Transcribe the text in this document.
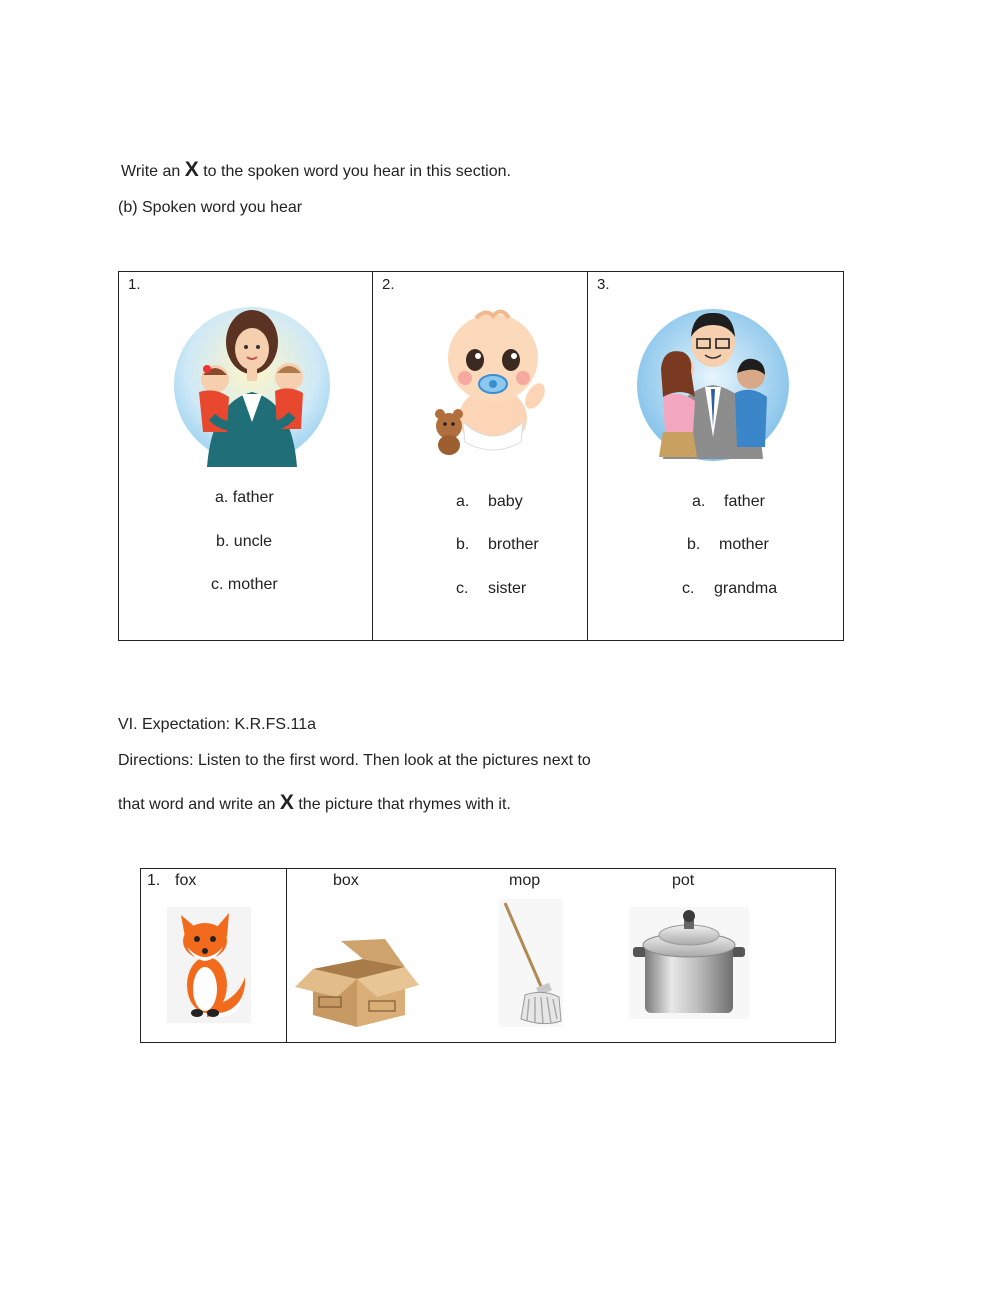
Write an X to the spoken word you hear in this section.
(b) Spoken word you hear
1.
a. father
b. uncle
c. mother

2.
a. baby
b. brother
c. sister

3.
a. father
b. mother
c. grandma
VI. Expectation: K.R.FS.11a
Directions: Listen to the first word. Then look at the pictures next to
that word and write an X the picture that rhymes with it.
1. fox	box	mop	pot
